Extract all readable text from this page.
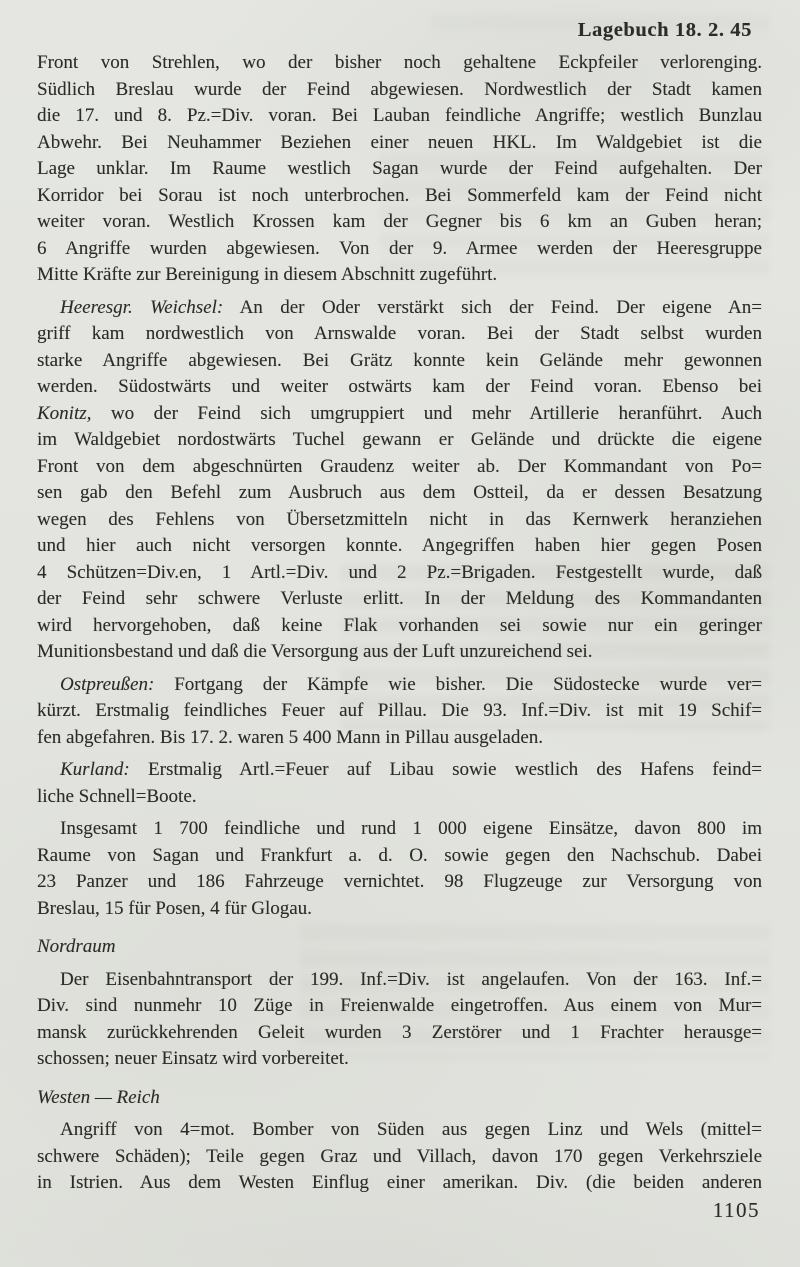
Lagebuch 18. 2. 45
Front von Strehlen, wo der bisher noch gehaltene Eckpfeiler verlorenging.
Südlich Breslau wurde der Feind abgewiesen. Nordwestlich der Stadt kamen
die 17. und 8. Pz.=Div. voran. Bei Lauban feindliche Angriffe; westlich Bunzlau
Abwehr. Bei Neuhammer Beziehen einer neuen HKL. Im Waldgebiet ist die
Lage unklar. Im Raume westlich Sagan wurde der Feind aufgehalten. Der
Korridor bei Sorau ist noch unterbrochen. Bei Sommerfeld kam der Feind nicht
weiter voran. Westlich Krossen kam der Gegner bis 6 km an Guben heran;
6 Angriffe wurden abgewiesen. Von der 9. Armee werden der Heeresgruppe
Mitte Kräfte zur Bereinigung in diesem Abschnitt zugeführt.
Heeresgr. Weichsel: An der Oder verstärkt sich der Feind. Der eigene An=
griff kam nordwestlich von Arnswalde voran. Bei der Stadt selbst wurden
starke Angriffe abgewiesen. Bei Grätz konnte kein Gelände mehr gewonnen
werden. Südostwärts und weiter ostwärts kam der Feind voran. Ebenso bei
Konitz, wo der Feind sich umgruppiert und mehr Artillerie heranführt. Auch
im Waldgebiet nordostwärts Tuchel gewann er Gelände und drückte die eigene
Front von dem abgeschnürten Graudenz weiter ab. Der Kommandant von Po=
sen gab den Befehl zum Ausbruch aus dem Ostteil, da er dessen Besatzung
wegen des Fehlens von Übersetzmitteln nicht in das Kernwerk heranziehen
und hier auch nicht versorgen konnte. Angegriffen haben hier gegen Posen
4 Schützen=Div.en, 1 Artl.=Div. und 2 Pz.=Brigaden. Festgestellt wurde, daß
der Feind sehr schwere Verluste erlitt. In der Meldung des Kommandanten
wird hervorgehoben, daß keine Flak vorhanden sei sowie nur ein geringer
Munitionsbestand und daß die Versorgung aus der Luft unzureichend sei.
Ostpreußen: Fortgang der Kämpfe wie bisher. Die Südostecke wurde ver=
kürzt. Erstmalig feindliches Feuer auf Pillau. Die 93. Inf.=Div. ist mit 19 Schif=
fen abgefahren. Bis 17. 2. waren 5 400 Mann in Pillau ausgeladen.
Kurland: Erstmalig Artl.=Feuer auf Libau sowie westlich des Hafens feind=
liche Schnell=Boote.
Insgesamt 1 700 feindliche und rund 1 000 eigene Einsätze, davon 800 im
Raume von Sagan und Frankfurt a. d. O. sowie gegen den Nachschub. Dabei
23 Panzer und 186 Fahrzeuge vernichtet. 98 Flugzeuge zur Versorgung von
Breslau, 15 für Posen, 4 für Glogau.
Nordraum
Der Eisenbahntransport der 199. Inf.=Div. ist angelaufen. Von der 163. Inf.=
Div. sind nunmehr 10 Züge in Freienwalde eingetroffen. Aus einem von Mur=
mansk zurückkehrenden Geleit wurden 3 Zerstörer und 1 Frachter herausge=
schossen; neuer Einsatz wird vorbereitet.
Westen — Reich
Angriff von 4=mot. Bomber von Süden aus gegen Linz und Wels (mittel=
schwere Schäden); Teile gegen Graz und Villach, davon 170 gegen Verkehrsziele
in Istrien. Aus dem Westen Einflug einer amerikan. Div. (die beiden anderen
1105
